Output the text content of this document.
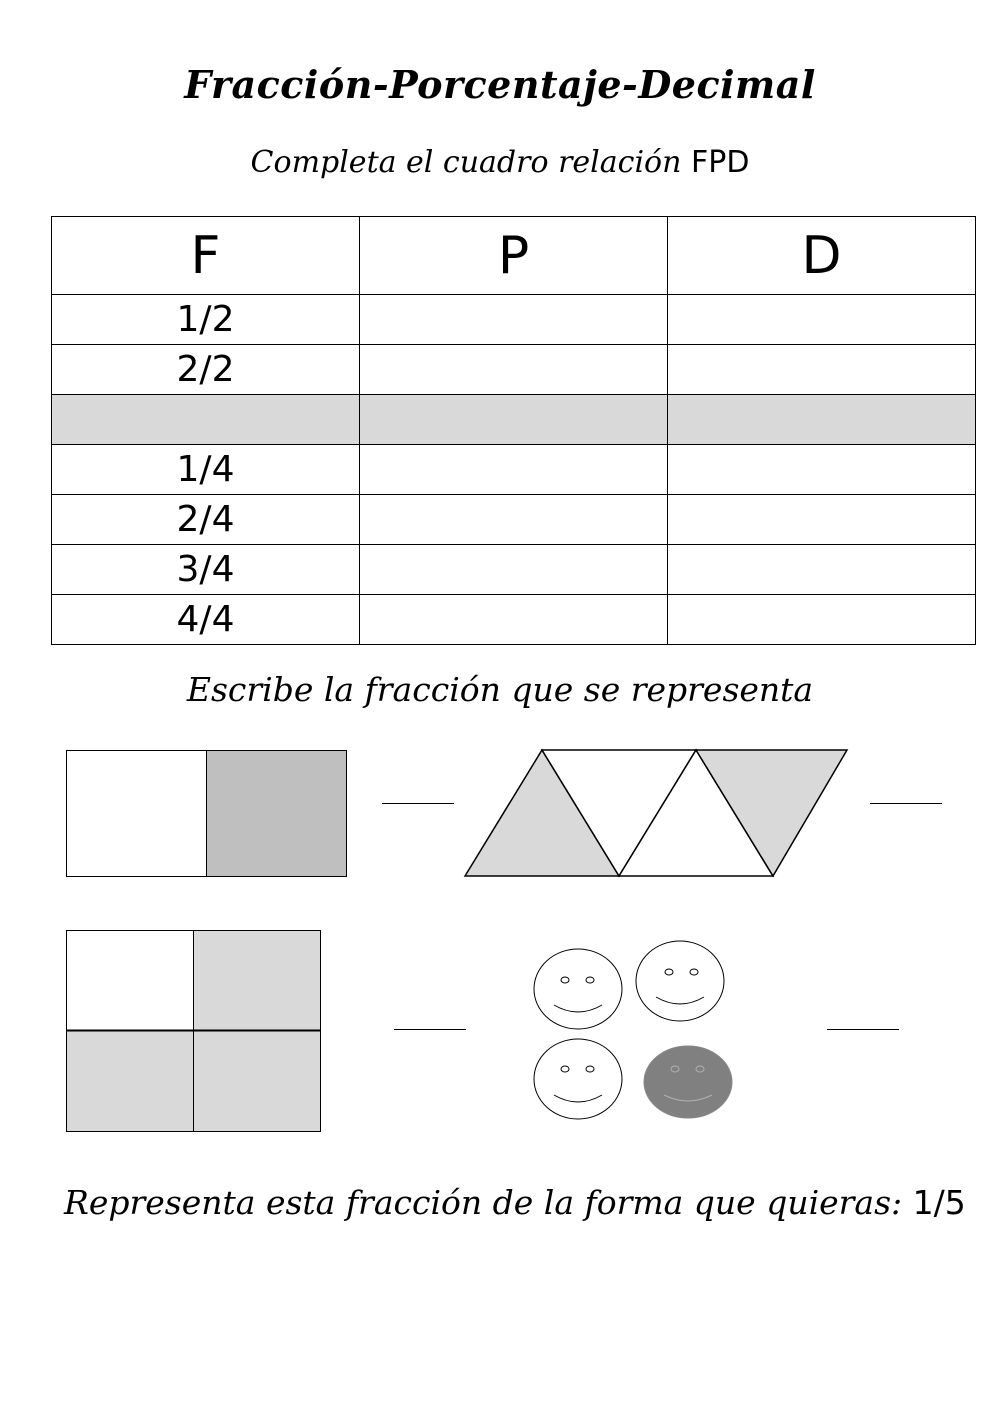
Fracción-Porcentaje-Decimal
Completa el cuadro relación FPD
F	P	D
1/2		
2/2		

1/4		
2/4		
3/4		
4/4		
Escribe la fracción que se representa
Representa esta fracción de la forma que quieras: 1/5
